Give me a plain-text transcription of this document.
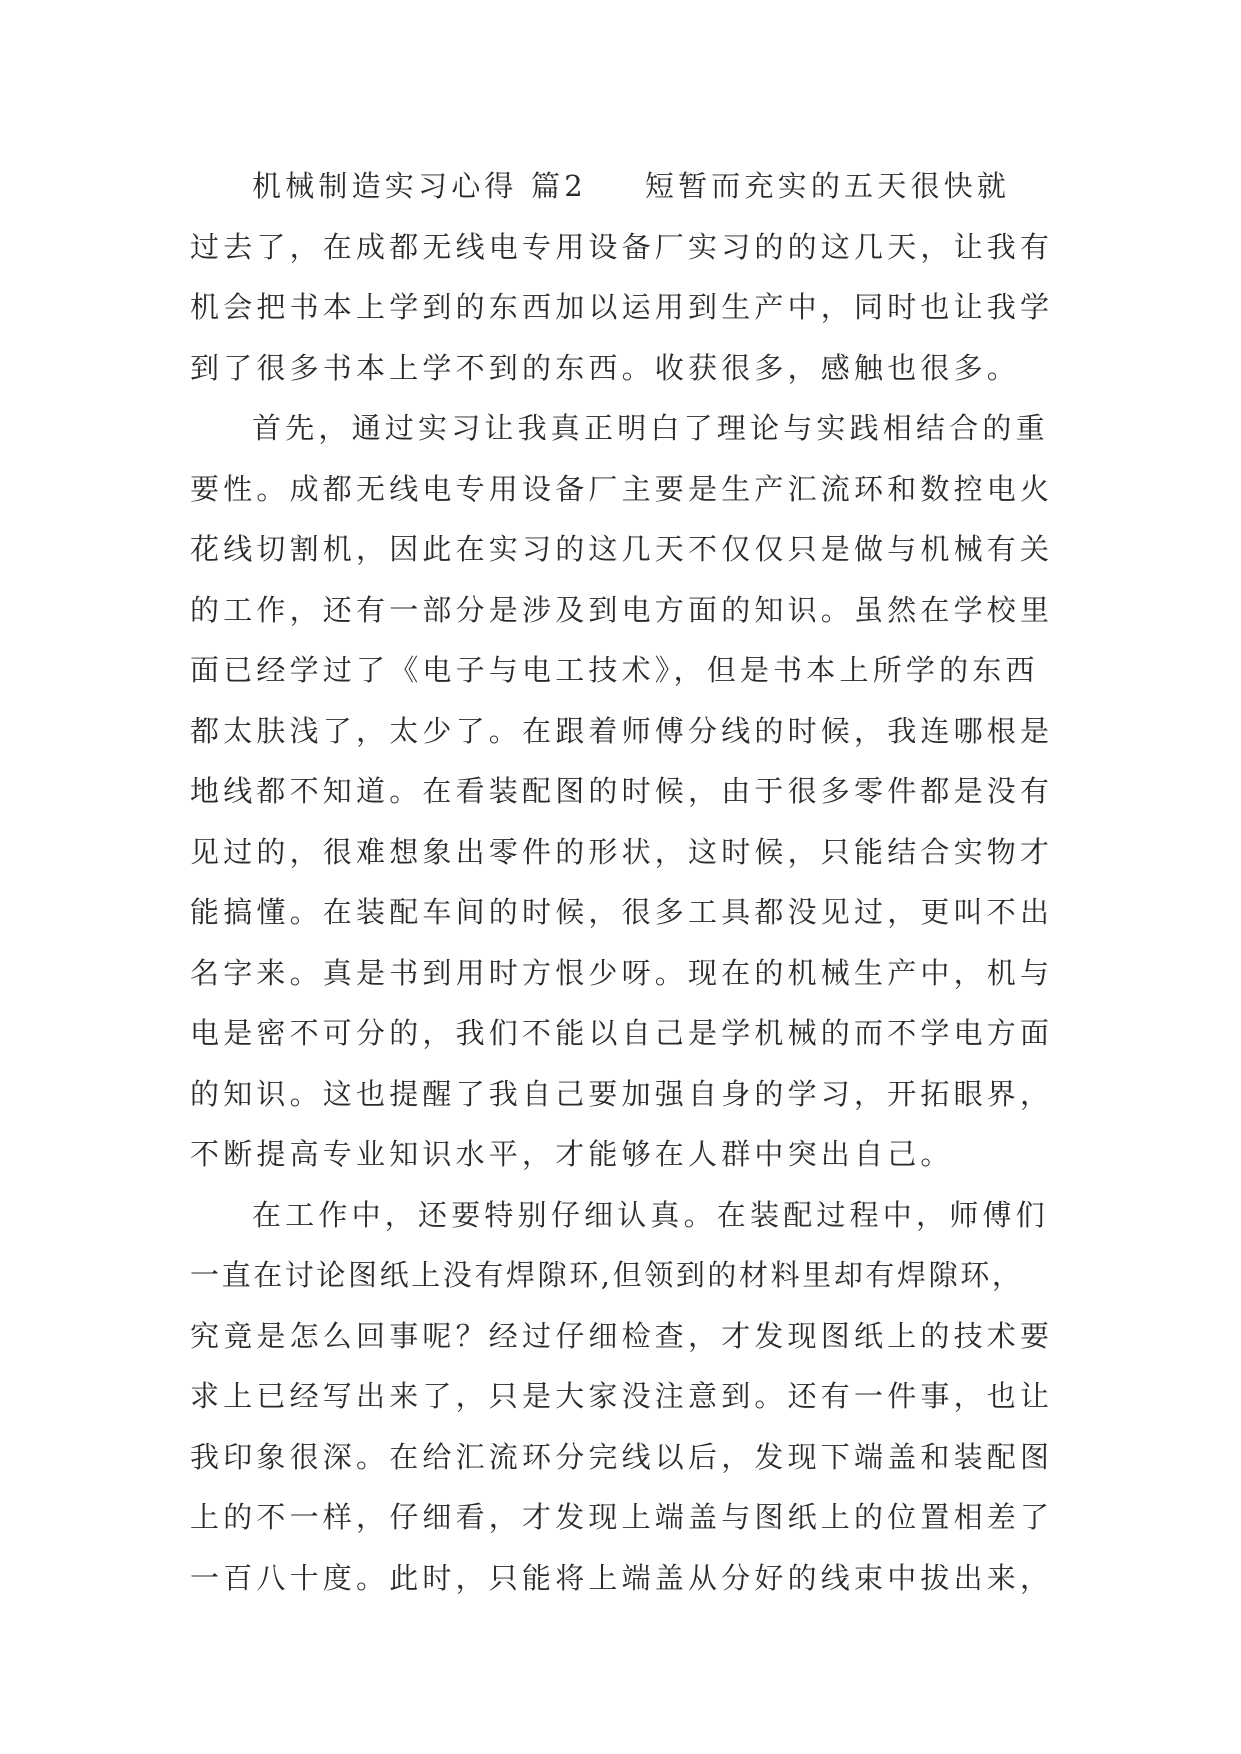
机械制造实习心得 篇2 短暂而充实的五天很快就
过去了，在成都无线电专用设备厂实习的的这几天，让我有
机会把书本上学到的东西加以运用到生产中，同时也让我学
到了很多书本上学不到的东西。收获很多，感触也很多。
首先，通过实习让我真正明白了理论与实践相结合的重
要性。成都无线电专用设备厂主要是生产汇流环和数控电火
花线切割机，因此在实习的这几天不仅仅只是做与机械有关
的工作，还有一部分是涉及到电方面的知识。虽然在学校里
面已经学过了《电子与电工技术》，但是书本上所学的东西
都太肤浅了，太少了。在跟着师傅分线的时候，我连哪根是
地线都不知道。在看装配图的时候，由于很多零件都是没有
见过的，很难想象出零件的形状，这时候，只能结合实物才
能搞懂。在装配车间的时候，很多工具都没见过，更叫不出
名字来。真是书到用时方恨少呀。现在的机械生产中，机与
电是密不可分的，我们不能以自己是学机械的而不学电方面
的知识。这也提醒了我自己要加强自身的学习，开拓眼界，
不断提高专业知识水平，才能够在人群中突出自己。
在工作中，还要特别仔细认真。在装配过程中，师傅们
一直在讨论图纸上没有焊隙环,但领到的材料里却有焊隙环，
究竟是怎么回事呢？经过仔细检查，才发现图纸上的技术要
求上已经写出来了，只是大家没注意到。还有一件事，也让
我印象很深。在给汇流环分完线以后，发现下端盖和装配图
上的不一样，仔细看，才发现上端盖与图纸上的位置相差了
一百八十度。此时，只能将上端盖从分好的线束中拔出来，
